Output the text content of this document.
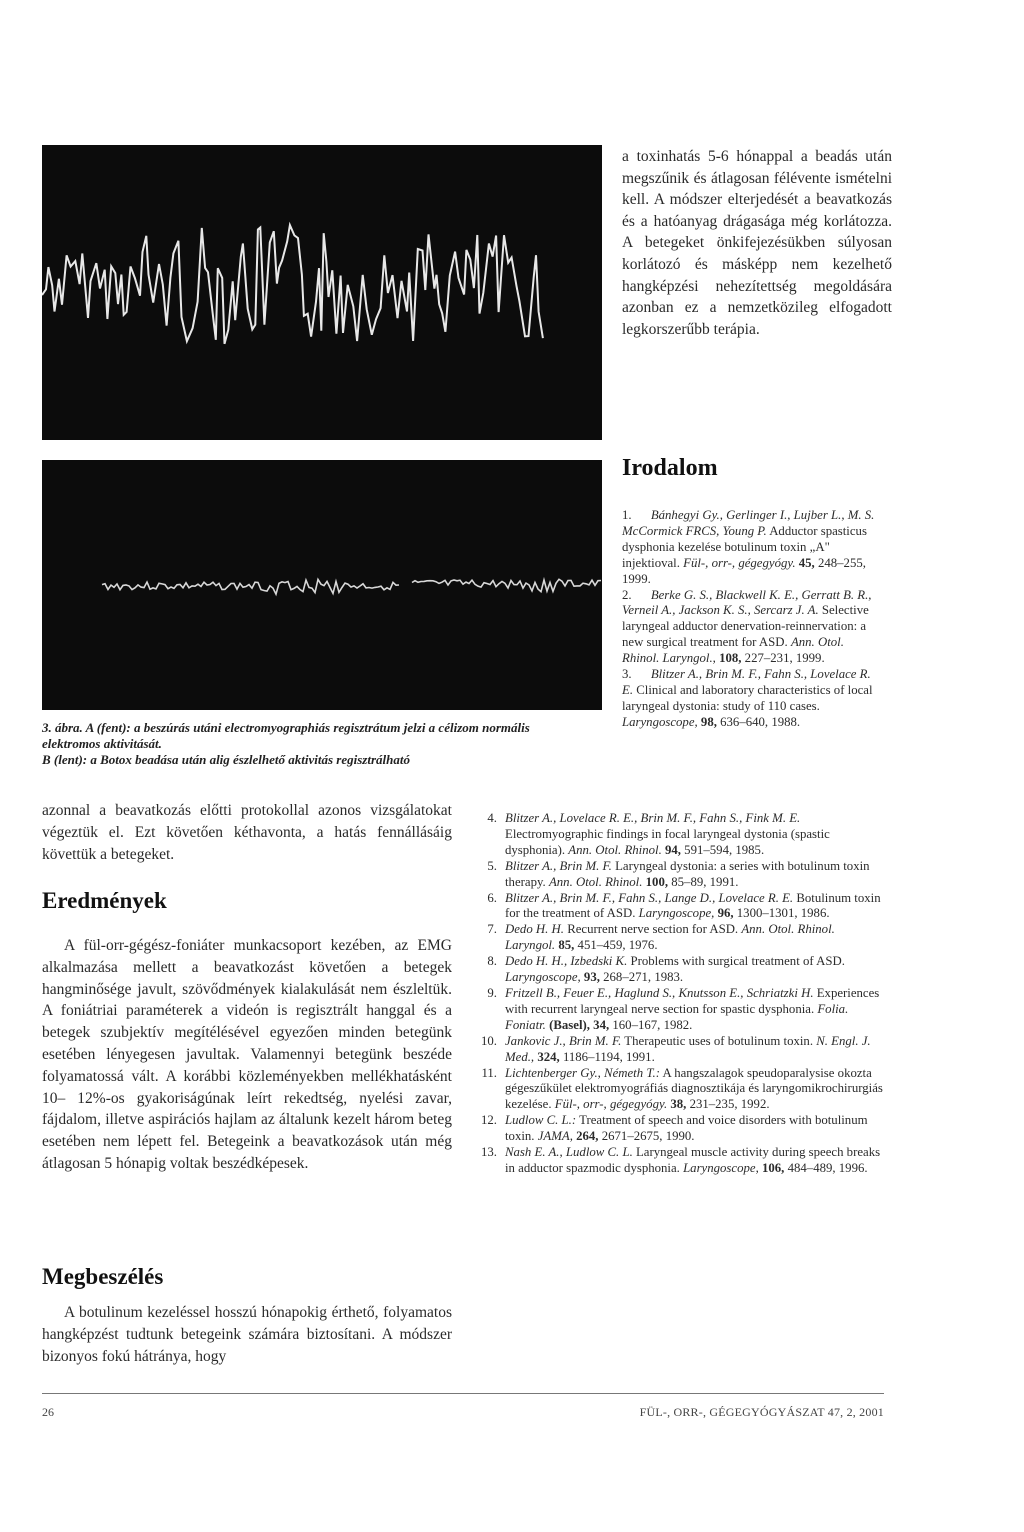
a toxinhatás 5-6 hónappal a beadás után megszűnik és átlagosan félévente ismételni kell. A módszer elterjedését a beavatkozás és a hatóanyag drágasága még korlátozza. A betegeket önkifejezésükben súlyosan korlátozó és másképp nem kezelhető hangképzési nehezítettség megoldására azonban ez a nemzetközileg elfogadott legkorszerűbb terápia.

Irodalom

1. Bánhegyi Gy., Gerlinger I., Lujber L., M. S. McCormick FRCS, Young P. Adductor spasticus dysphonia kezelése botulinum toxin „A" injektioval. Fül-, orr-, gégegyógy. 45, 248–255, 1999.

2. Berke G. S., Blackwell K. E., Gerratt B. R., Verneil A., Jackson K. S., Sercarz J. A. Selective laryngeal adductor denervation-reinnervation: a new surgical treatment for ASD. Ann. Otol. Rhinol. Laryngol., 108, 227–231, 1999.

3. Blitzer A., Brin M. F., Fahn S., Lovelace R. E. Clinical and laboratory characteristics of local laryngeal dystonia: study of 110 cases. Laryngoscope, 98, 636–640, 1988.

4. Blitzer A., Lovelace R. E., Brin M. F., Fahn S., Fink M. E. Electromyographic findings in focal laryngeal dystonia (spastic dysphonia). Ann. Otol. Rhinol. 94, 591–594, 1985.

5. Blitzer A., Brin M. F. Laryngeal dystonia: a series with botulinum toxin therapy. Ann. Otol. Rhinol. 100, 85–89, 1991.

6. Blitzer A., Brin M. F., Fahn S., Lange D., Lovelace R. E. Botulinum toxin for the treatment of ASD. Laryngoscope, 96, 1300–1301, 1986.

7. Dedo H. H. Recurrent nerve section for ASD. Ann. Otol. Rhinol. Laryngol. 85, 451–459, 1976.

8. Dedo H. H., Izbedski K. Problems with surgical treatment of ASD. Laryngoscope, 93, 268–271, 1983.

9. Fritzell B., Feuer E., Haglund S., Knutsson E., Schriatzki H. Experiences with recurrent laryngeal nerve section for spastic dysphonia. Folia. Foniatr. (Basel), 34, 160–167, 1982.

10. Jankovic J., Brin M. F. Therapeutic uses of botulinum toxin. N. Engl. J. Med., 324, 1186–1194, 1991.

11. Lichtenberger Gy., Németh T.: A hangszalagok speudoparalysise okozta gégeszűkület elektromyográfiás diagnosztikája és laryngomikrochirurgiás kezelése. Fül-, orr-, gégegyógy. 38, 231–235, 1992.

12. Ludlow C. L.: Treatment of speech and voice disorders with botulinum toxin. JAMA, 264, 2671–2675, 1990.

13. Nash E. A., Ludlow C. L. Laryngeal muscle activity during speech breaks in adductor spazmodic dysphonia. Laryngoscope, 106, 484–489, 1996.

3. ábra. A (fent): a beszúrás utáni electromyographiás regisztrátum jelzi a célizom normális elektromos aktivitását.
B (lent): a Botox beadása után alig észlelhető aktivitás regisztrálható

azonnal a beavatkozás előtti protokollal azonos vizsgálatokat végeztük el. Ezt követően kéthavonta, a hatás fennállásáig követtük a betegeket.

Eredmények

A fül-orr-gégész-foniáter munkacsoport kezében, az EMG alkalmazása mellett a beavatkozást követően a betegek hangminősége javult, szövődmények kialakulását nem észleltük. A foniátriai paraméterek a videón is regisztrált hanggal és a betegek szubjektív megítélésével egyezően minden betegünk esetében lényegesen javultak. Valamennyi betegünk beszéde folyamatossá vált. A korábbi közleményekben mellékhatásként 10– 12%-os gyakoriságúnak leírt rekedtség, nyelési zavar, fájdalom, illetve aspirációs hajlam az általunk kezelt három beteg esetében nem lépett fel. Betegeink a beavatkozások után még átlagosan 5 hónapig voltak beszédképesek.

Megbeszélés

A botulinum kezeléssel hosszú hónapokig érthető, folyamatos hangképzést tudtunk betegeink számára biztosítani. A módszer bizonyos fokú hátránya, hogy

26	FÜL-, ORR-, GÉGEGYÓGYÁSZAT 47, 2, 2001
